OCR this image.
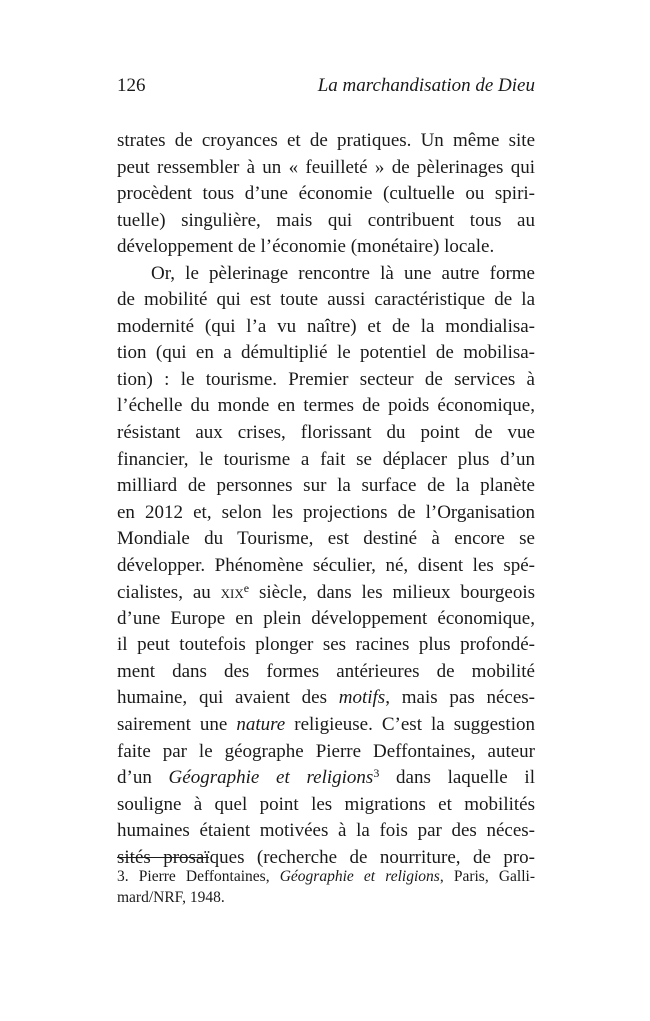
126	La marchandisation de Dieu
strates de croyances et de pratiques. Un même site
peut ressembler à un « feuilleté » de pèlerinages qui
procèdent tous d’une économie (cultuelle ou spiri-
tuelle) singulière, mais qui contribuent tous au
développement de l’économie (monétaire) locale.
Or, le pèlerinage rencontre là une autre forme
de mobilité qui est toute aussi caractéristique de la
modernité (qui l’a vu naître) et de la mondialisa-
tion (qui en a démultiplié le potentiel de mobilisa-
tion) : le tourisme. Premier secteur de services à
l’échelle du monde en termes de poids économique,
résistant aux crises, florissant du point de vue
financier, le tourisme a fait se déplacer plus d’un
milliard de personnes sur la surface de la planète
en 2012 et, selon les projections de l’Organisation
Mondiale du Tourisme, est destiné à encore se
développer. Phénomène séculier, né, disent les spé-
cialistes, au xix$^e$ siècle, dans les milieux bourgeois
d’une Europe en plein développement économique,
il peut toutefois plonger ses racines plus profondé-
ment dans des formes antérieures de mobilité
humaine, qui avaient des motifs, mais pas néces-
sairement une nature religieuse. C’est la suggestion
faite par le géographe Pierre Deffontaines, auteur
d’un Géographie et religions$^3$ dans laquelle il
souligne à quel point les migrations et mobilités
humaines étaient motivées à la fois par des néces-
sités prosaïques (recherche de nourriture, de pro-
3. Pierre Deffontaines, Géographie et religions, Paris, Galli-
mard/NRF, 1948.
